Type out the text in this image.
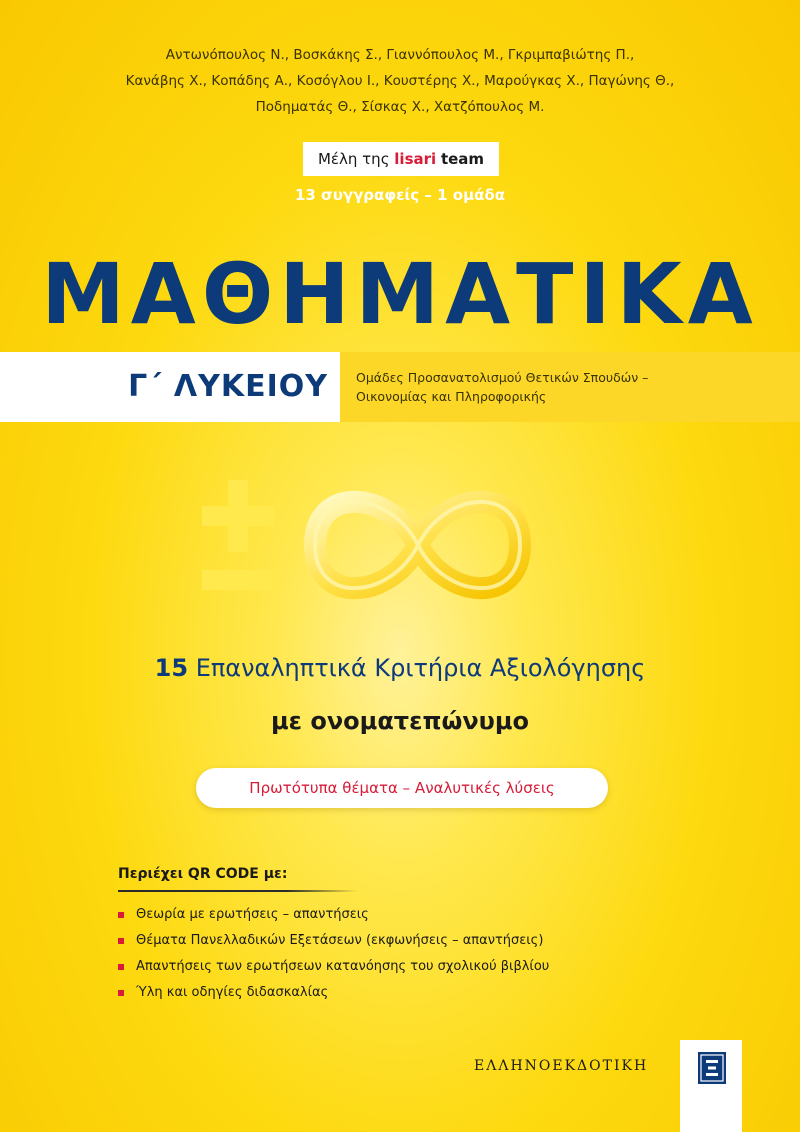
Αντωνόπουλος Ν., Βοσκάκης Σ., Γιαννόπουλος Μ., Γκριμπαβιώτης Π.,
Κανάβης Χ., Κοπάδης Α., Κοσόγλου Ι., Κουστέρης Χ., Μαρούγκας Χ., Παγώνης Θ.,
Ποδηματάς Θ., Σίσκας Χ., Χατζόπουλος Μ.
Μέλη της lisari team
13 συγγραφείς – 1 ομάδα
ΜΑΘΗΜΑΤΙΚΑ
Γ΄ ΛΥΚΕΙΟΥ	Ομάδες Προσανατολισμού Θετικών Σπουδών –
Οικονομίας και Πληροφορικής
15 Επαναληπτικά Κριτήρια Αξιολόγησης
με ονοματεπώνυμο
Πρωτότυπα θέματα – Αναλυτικές λύσεις
Περιέχει QR CODE με:
Θεωρία με ερωτήσεις – απαντήσεις
Θέματα Πανελλαδικών Εξετάσεων (εκφωνήσεις – απαντήσεις)
Απαντήσεις των ερωτήσεων κατανόησης του σχολικού βιβλίου
Ύλη και οδηγίες διδασκαλίας
ΕΛΛΗΝΟΕΚΔΟΤΙΚΗ
